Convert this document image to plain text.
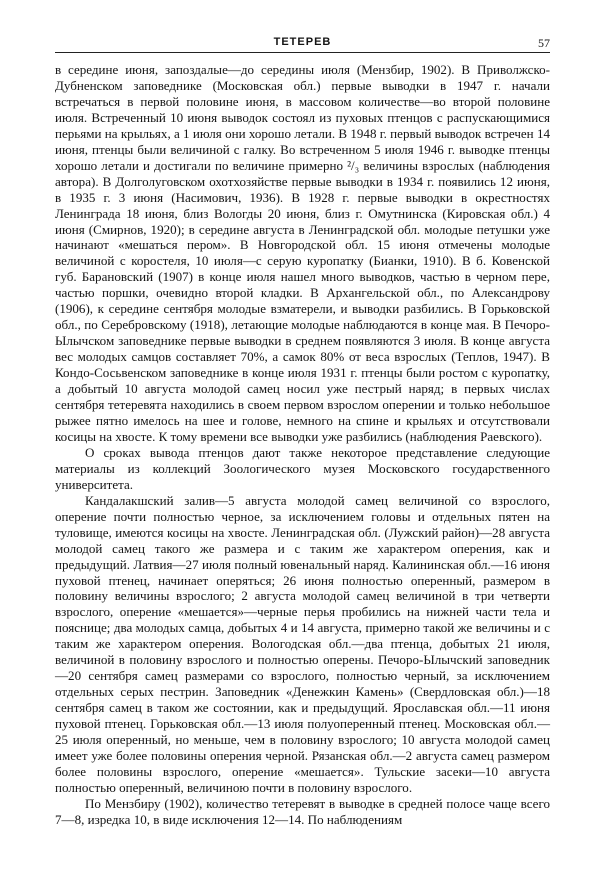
ТЕТЕРЕВ	57

в середине июня, запоздалые—до середины июля (Мензбир, 1902). В Приволжско-Дубненском заповеднике (Московская обл.) первые выводки в 1947 г. начали встречаться в первой половине июня, в массовом количестве—во второй половине июля. Встреченный 10 июня выводок состоял из пуховых птенцов с распускающимися перьями на крыльях, а 1 июля они хорошо летали. В 1948 г. первый выводок встречен 14 июня, птенцы были величиной с галку. Во встреченном 5 июля 1946 г. выводке птенцы хорошо летали и достигали по величине примерно ²/₃ величины взрослых (наблюдения автора). В Долголуговском охотхозяйстве первые выводки в 1934 г. появились 12 июня, в 1935 г. 3 июня (Насимович, 1936). В 1928 г. первые выводки в окрестностях Ленинграда 18 июня, близ Вологды 20 июня, близ г. Омутнинска (Кировская обл.) 4 июня (Смирнов, 1920); в середине августа в Ленинградской обл. молодые петушки уже начинают «мешаться пером». В Новгородской обл. 15 июня отмечены молодые величиной с коростеля, 10 июля—с серую куропатку (Бианки, 1910). В б. Ковенской губ. Барановский (1907) в конце июля нашел много выводков, частью в черном пере, частью поршки, очевидно второй кладки. В Архангельской обл., по Александрову (1906), к середине сентября молодые взматерели, и выводки разбились. В Горьковской обл., по Серебровскому (1918), летающие молодые наблюдаются в конце мая. В Печоро-Ылычском заповеднике первые выводки в среднем появляются 3 июля. В конце августа вес молодых самцов составляет 70%, а самок 80% от веса взрослых (Теплов, 1947). В Кондо-Сосьвенском заповеднике в конце июля 1931 г. птенцы были ростом с куропатку, а добытый 10 августа молодой самец носил уже пестрый наряд; в первых числах сентября тетеревята находились в своем первом взрослом оперении и только небольшое рыжее пятно имелось на шее и голове, немного на спине и крыльях и отсутствовали косицы на хвосте. К тому времени все выводки уже разбились (наблюдения Раевского).

О сроках вывода птенцов дают также некоторое представление следующие материалы из коллекций Зоологического музея Московского государственного университета.

Кандалакшский залив—5 августа молодой самец величиной со взрослого, оперение почти полностью черное, за исключением головы и отдельных пятен на туловище, имеются косицы на хвосте. Ленинградская обл. (Лужский район)—28 августа молодой самец такого же размера и с таким же характером оперения, как и предыдущий. Латвия—27 июля полный ювенальный наряд. Калининская обл.—16 июня пуховой птенец, начинает оперяться; 26 июня полностью оперенный, размером в половину величины взрослого; 2 августа молодой самец величиной в три четверти взрослого, оперение «мешается»—черные перья пробились на нижней части тела и пояснице; два молодых самца, добытых 4 и 14 августа, примерно такой же величины и с таким же характером оперения. Вологодская обл.—два птенца, добытых 21 июля, величиной в половину взрослого и полностью оперены. Печоро-Ылычский заповедник—20 сентября самец размерами со взрослого, полностью черный, за исключением отдельных серых пестрин. Заповедник «Денежкин Камень» (Свердловская обл.)—18 сентября самец в таком же состоянии, как и предыдущий. Ярославская обл.—11 июня пуховой птенец. Горьковская обл.—13 июля полуоперенный птенец. Московская обл.—25 июля оперенный, но меньше, чем в половину взрослого; 10 августа молодой самец имеет уже более половины оперения черной. Рязанская обл.—2 августа самец размером более половины взрослого, оперение «мешается». Тульские засеки—10 августа полностью оперенный, величиною почти в половину взрослого.

По Мензбиру (1902), количество тетеревят в выводке в средней полосе чаще всего 7—8, изредка 10, в виде исключения 12—14. По наблюдениям
